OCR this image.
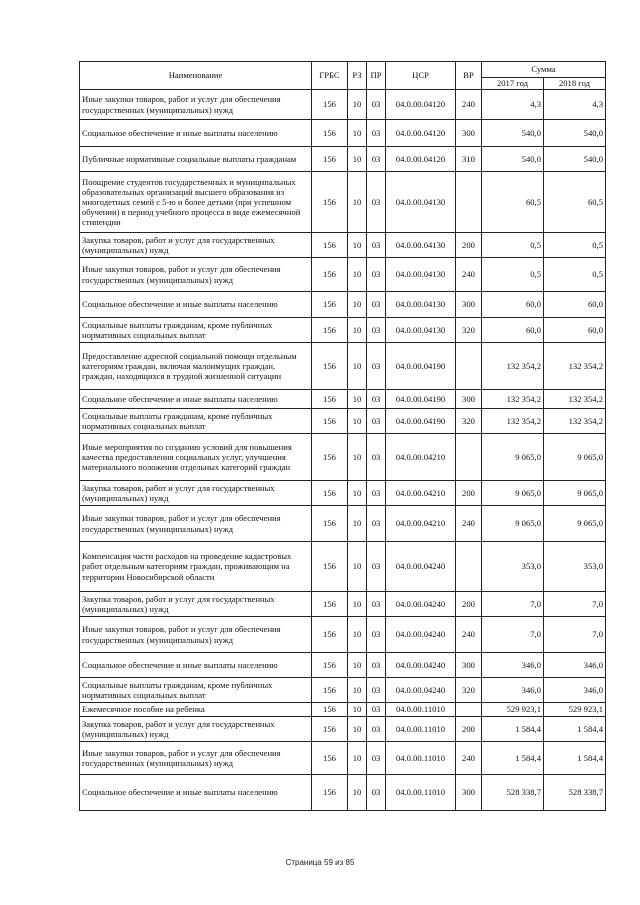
Наименование	ГРБС	РЗ	ПР	ЦСР	ВР	Сумма	
						2017 год	2018 год
Иные закупки товаров, работ и услуг для обеспечения государственных (муниципальных) нужд	156	10	03	04.0.00.04120	240	4,3	4,3
Социальное обеспечение и иные выплаты населению	156	10	03	04.0.00.04120	300	540,0	540,0
Публичные нормативные социальные выплаты гражданам	156	10	03	04.0.00.04120	310	540,0	540,0
Поощрение студентов государственных и муниципальных образовательных организаций высшего образования из многодетных семей с 5-ю и более детьми (при успешном обучении) в период учебного процесса в виде ежемесячной стипендии	156	10	03	04.0.00.04130		60,5	60,5
Закупка товаров, работ и услуг для государственных (муниципальных) нужд	156	10	03	04.0.00.04130	200	0,5	0,5
Иные закупки товаров, работ и услуг для обеспечения государственных (муниципальных) нужд	156	10	03	04.0.00.04130	240	0,5	0,5
Социальное обеспечение и иные выплаты населению	156	10	03	04.0.00.04130	300	60,0	60,0
Социальные выплаты гражданам, кроме публичных нормативных социальных выплат	156	10	03	04.0.00.04130	320	60,0	60,0
Предоставление адресной социальной помощи отдельным категориям граждан, включая малоимущих граждан, граждан, находящихся в трудной жизненной ситуации	156	10	03	04.0.00.04190		132 354,2	132 354,2
Социальное обеспечение и иные выплаты населению	156	10	03	04.0.00.04190	300	132 354,2	132 354,2
Социальные выплаты гражданам, кроме публичных нормативных социальных выплат	156	10	03	04.0.00.04190	320	132 354,2	132 354,2
Иные мероприятия по созданию условий для повышения качества предоставления социальных услуг, улучшения материального положения отдельных категорий граждан	156	10	03	04.0.00.04210		9 065,0	9 065,0
Закупка товаров, работ и услуг для государственных (муниципальных) нужд	156	10	03	04.0.00.04210	200	9 065,0	9 065,0
Иные закупки товаров, работ и услуг для обеспечения государственных (муниципальных) нужд	156	10	03	04.0.00.04210	240	9 065,0	9 065,0
Компенсация части расходов на проведение кадастровых работ отдельным категориям граждан, проживающим на территории Новосибирской области	156	10	03	04.0.00.04240		353,0	353,0
Закупка товаров, работ и услуг для государственных (муниципальных) нужд	156	10	03	04.0.00.04240	200	7,0	7,0
Иные закупки товаров, работ и услуг для обеспечения государственных (муниципальных) нужд	156	10	03	04.0.00.04240	240	7,0	7,0
Социальное обеспечение и иные выплаты населению	156	10	03	04.0.00.04240	300	346,0	346,0
Социальные выплаты гражданам, кроме публичных нормативных социальных выплат	156	10	03	04.0.00.04240	320	346,0	346,0
Ежемесячное пособие на ребенка	156	10	03	04.0.00.11010		529 923,1	529 923,1
Закупка товаров, работ и услуг для государственных (муниципальных) нужд	156	10	03	04.0.00.11010	200	1 584,4	1 584,4
Иные закупки товаров, работ и услуг для обеспечения государственных (муниципальных) нужд	156	10	03	04.0.00.11010	240	1 584,4	1 584,4
Социальное обеспечение и иные выплаты населению	156	10	03	04.0.00.11010	300	528 338,7	528 338,7
Страница 59 из 85
